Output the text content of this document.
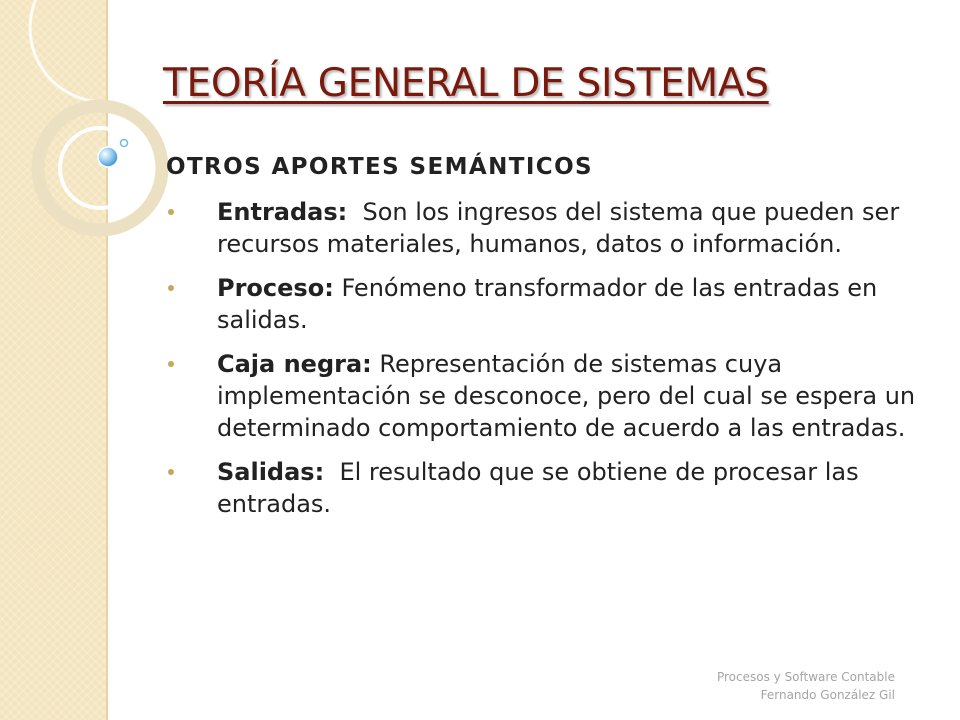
TEORÍA GENERAL DE SISTEMAS
OTROS APORTES SEMÁNTICOS
Entradas: Son los ingresos del sistema que pueden ser recursos materiales, humanos, datos o información.
Proceso: Fenómeno transformador de las entradas en salidas.
Caja negra: Representación de sistemas cuya implementación se desconoce, pero del cual se espera un determinado comportamiento de acuerdo a las entradas.
Salidas: El resultado que se obtiene de procesar las entradas.
Procesos y Software Contable
Fernando González Gil
